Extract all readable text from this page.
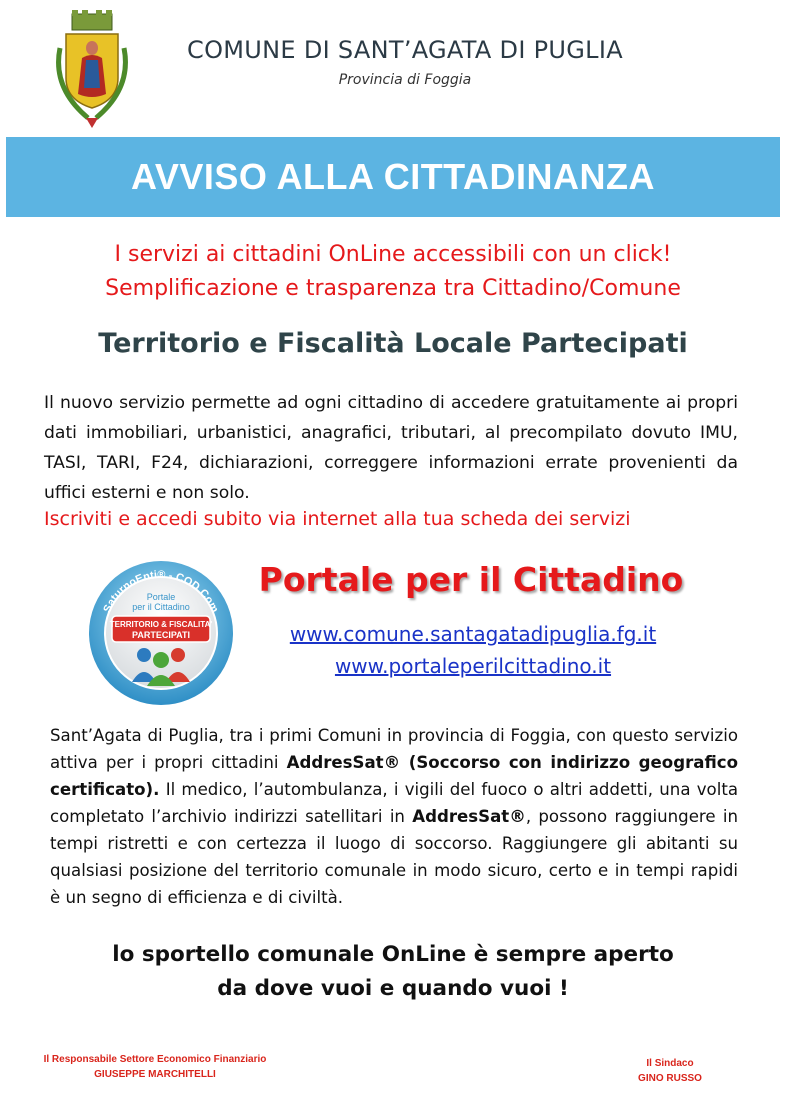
COMUNE DI SANT’AGATA DI PUGLIA
Provincia di Foggia
AVVISO ALLA CITTADINANZA
I servizi ai cittadini OnLine accessibili con un click!
Semplificazione e trasparenza tra Cittadino/Comune
Territorio e Fiscalità Locale Partecipati
Il nuovo servizio permette ad ogni cittadino di accedere gratuitamente ai propri dati immobiliari, urbanistici, anagrafici, tributari, al precompilato dovuto IMU, TASI, TARI, F24, dichiarazioni, correggere informazioni errate provenienti da uffici esterni e non solo.
Iscriviti e accedi subito via internet alla tua scheda dei servizi
SaturnoEnti® - COD.Com
Portale
per il Cittadino
TERRITORIO & FISCALITA'
PARTECIPATI
Portale per il Cittadino
www.comune.santagatadipuglia.fg.it
www.portaleperilcittadino.it
Sant’Agata di Puglia, tra i primi Comuni in provincia di Foggia, con questo servizio attiva per i propri cittadini AddresSat® (Soccorso con indirizzo geografico certificato). Il medico, l’autombulanza, i vigili del fuoco o altri addetti, una volta completato l’archivio indirizzi satellitari in AddresSat®, possono raggiungere in tempi ristretti e con certezza il luogo di soccorso. Raggiungere gli abitanti su qualsiasi posizione del territorio comunale in modo sicuro, certo e in tempi rapidi è un segno di efficienza e di civiltà.
lo sportello comunale OnLine è sempre aperto
da dove vuoi e quando vuoi !
Il Responsabile Settore Economico Finanziario
GIUSEPPE MARCHITELLI
Il Sindaco
GINO RUSSO
